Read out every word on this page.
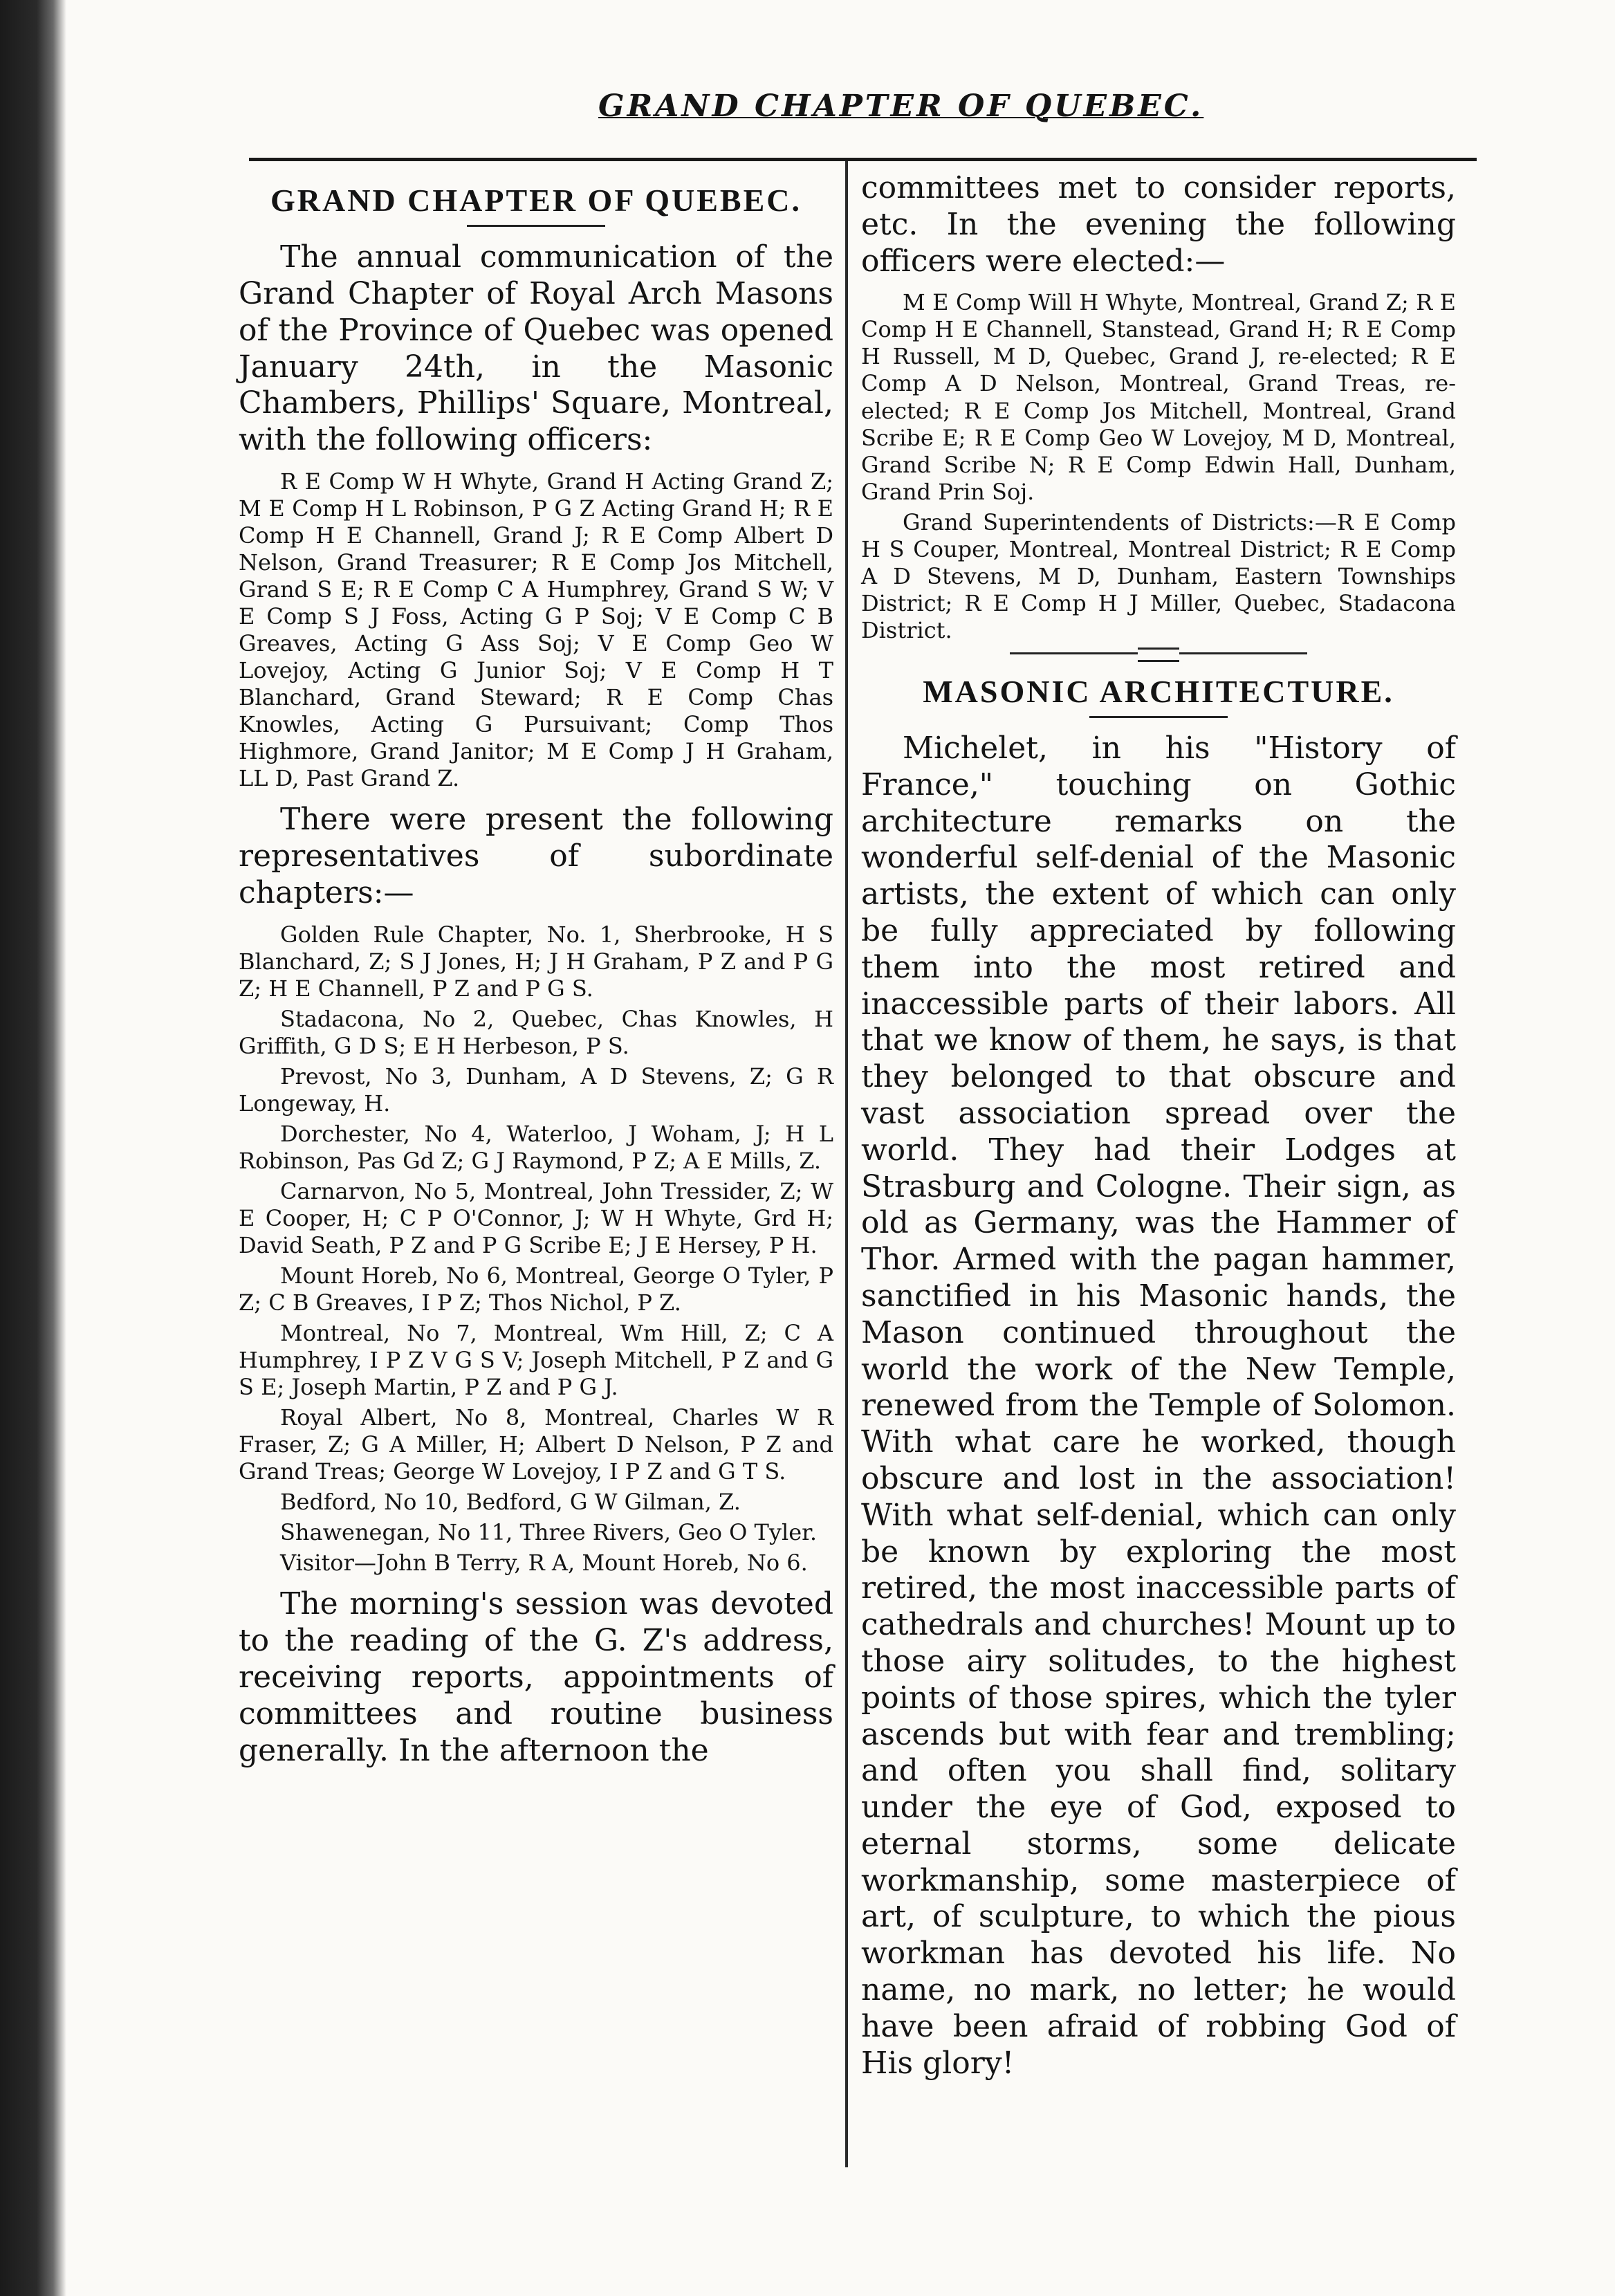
GRAND CHAPTER OF QUEBEC.
GRAND CHAPTER OF QUEBEC.

The annual communication of the Grand Chapter of Royal Arch Masons of the Province of Quebec was opened January 24th, in the Masonic Chambers, Phillips' Square, Montreal, with the following officers:

R E Comp W H Whyte, Grand H Acting Grand Z; M E Comp H L Robinson, P G Z Acting Grand H; R E Comp H E Channell, Grand J; R E Comp Albert D Nelson, Grand Treasurer; R E Comp Jos Mitchell, Grand S E; R E Comp C A Humphrey, Grand S W; V E Comp S J Foss, Acting G P Soj; V E Comp C B Greaves, Acting G Ass Soj; V E Comp Geo W Lovejoy, Acting G Junior Soj; V E Comp H T Blanchard, Grand Steward; R E Comp Chas Knowles, Acting G Pursuivant; Comp Thos Highmore, Grand Janitor; M E Comp J H Graham, LL D, Past Grand Z.

There were present the following representatives of subordinate chapters:—

Golden Rule Chapter, No. 1, Sherbrooke, H S Blanchard, Z; S J Jones, H; J H Graham, P Z and P G Z; H E Channell, P Z and P G S.

Stadacona, No 2, Quebec, Chas Knowles, H Griffith, G D S; E H Herbeson, P S.

Prevost, No 3, Dunham, A D Stevens, Z; G R Longeway, H.

Dorchester, No 4, Waterloo, J Woham, J; H L Robinson, Pas Gd Z; G J Raymond, P Z; A E Mills, Z.

Carnarvon, No 5, Montreal, John Tressider, Z; W E Cooper, H; C P O'Connor, J; W H Whyte, Grd H; David Seath, P Z and P G Scribe E; J E Hersey, P H.

Mount Horeb, No 6, Montreal, George O Tyler, P Z; C B Greaves, I P Z; Thos Nichol, P Z.

Montreal, No 7, Montreal, Wm Hill, Z; C A Humphrey, I P Z V G S V; Joseph Mitchell, P Z and G S E; Joseph Martin, P Z and P G J.

Royal Albert, No 8, Montreal, Charles W R Fraser, Z; G A Miller, H; Albert D Nelson, P Z and Grand Treas; George W Lovejoy, I P Z and G T S.

Bedford, No 10, Bedford, G W Gilman, Z.

Shawenegan, No 11, Three Rivers, Geo O Tyler.

Visitor—John B Terry, R A, Mount Horeb, No 6.

The morning's session was devoted to the reading of the G. Z's address, receiving reports, appointments of committees and routine business generally. In the afternoon the

committees met to consider reports, etc. In the evening the following officers were elected:—

M E Comp Will H Whyte, Montreal, Grand Z; R E Comp H E Channell, Stanstead, Grand H; R E Comp H Russell, M D, Quebec, Grand J, re-elected; R E Comp A D Nelson, Montreal, Grand Treas, re-elected; R E Comp Jos Mitchell, Montreal, Grand Scribe E; R E Comp Geo W Lovejoy, M D, Montreal, Grand Scribe N; R E Comp Edwin Hall, Dunham, Grand Prin Soj.

Grand Superintendents of Districts:—R E Comp H S Couper, Montreal, Montreal District; R E Comp A D Stevens, M D, Dunham, Eastern Townships District; R E Comp H J Miller, Quebec, Stadacona District.

MASONIC ARCHITECTURE.

Michelet, in his "History of France," touching on Gothic architecture remarks on the wonderful self-denial of the Masonic artists, the extent of which can only be fully appreciated by following them into the most retired and inaccessible parts of their labors. All that we know of them, he says, is that they belonged to that obscure and vast association spread over the world. They had their Lodges at Strasburg and Cologne. Their sign, as old as Germany, was the Hammer of Thor. Armed with the pagan hammer, sanctified in his Masonic hands, the Mason continued throughout the world the work of the New Temple, renewed from the Temple of Solomon. With what care he worked, though obscure and lost in the association! With what self-denial, which can only be known by exploring the most retired, the most inaccessible parts of cathedrals and churches! Mount up to those airy solitudes, to the highest points of those spires, which the tyler ascends but with fear and trembling; and often you shall find, solitary under the eye of God, exposed to eternal storms, some delicate workmanship, some masterpiece of art, of sculpture, to which the pious workman has devoted his life. No name, no mark, no letter; he would have been afraid of robbing God of His glory!
